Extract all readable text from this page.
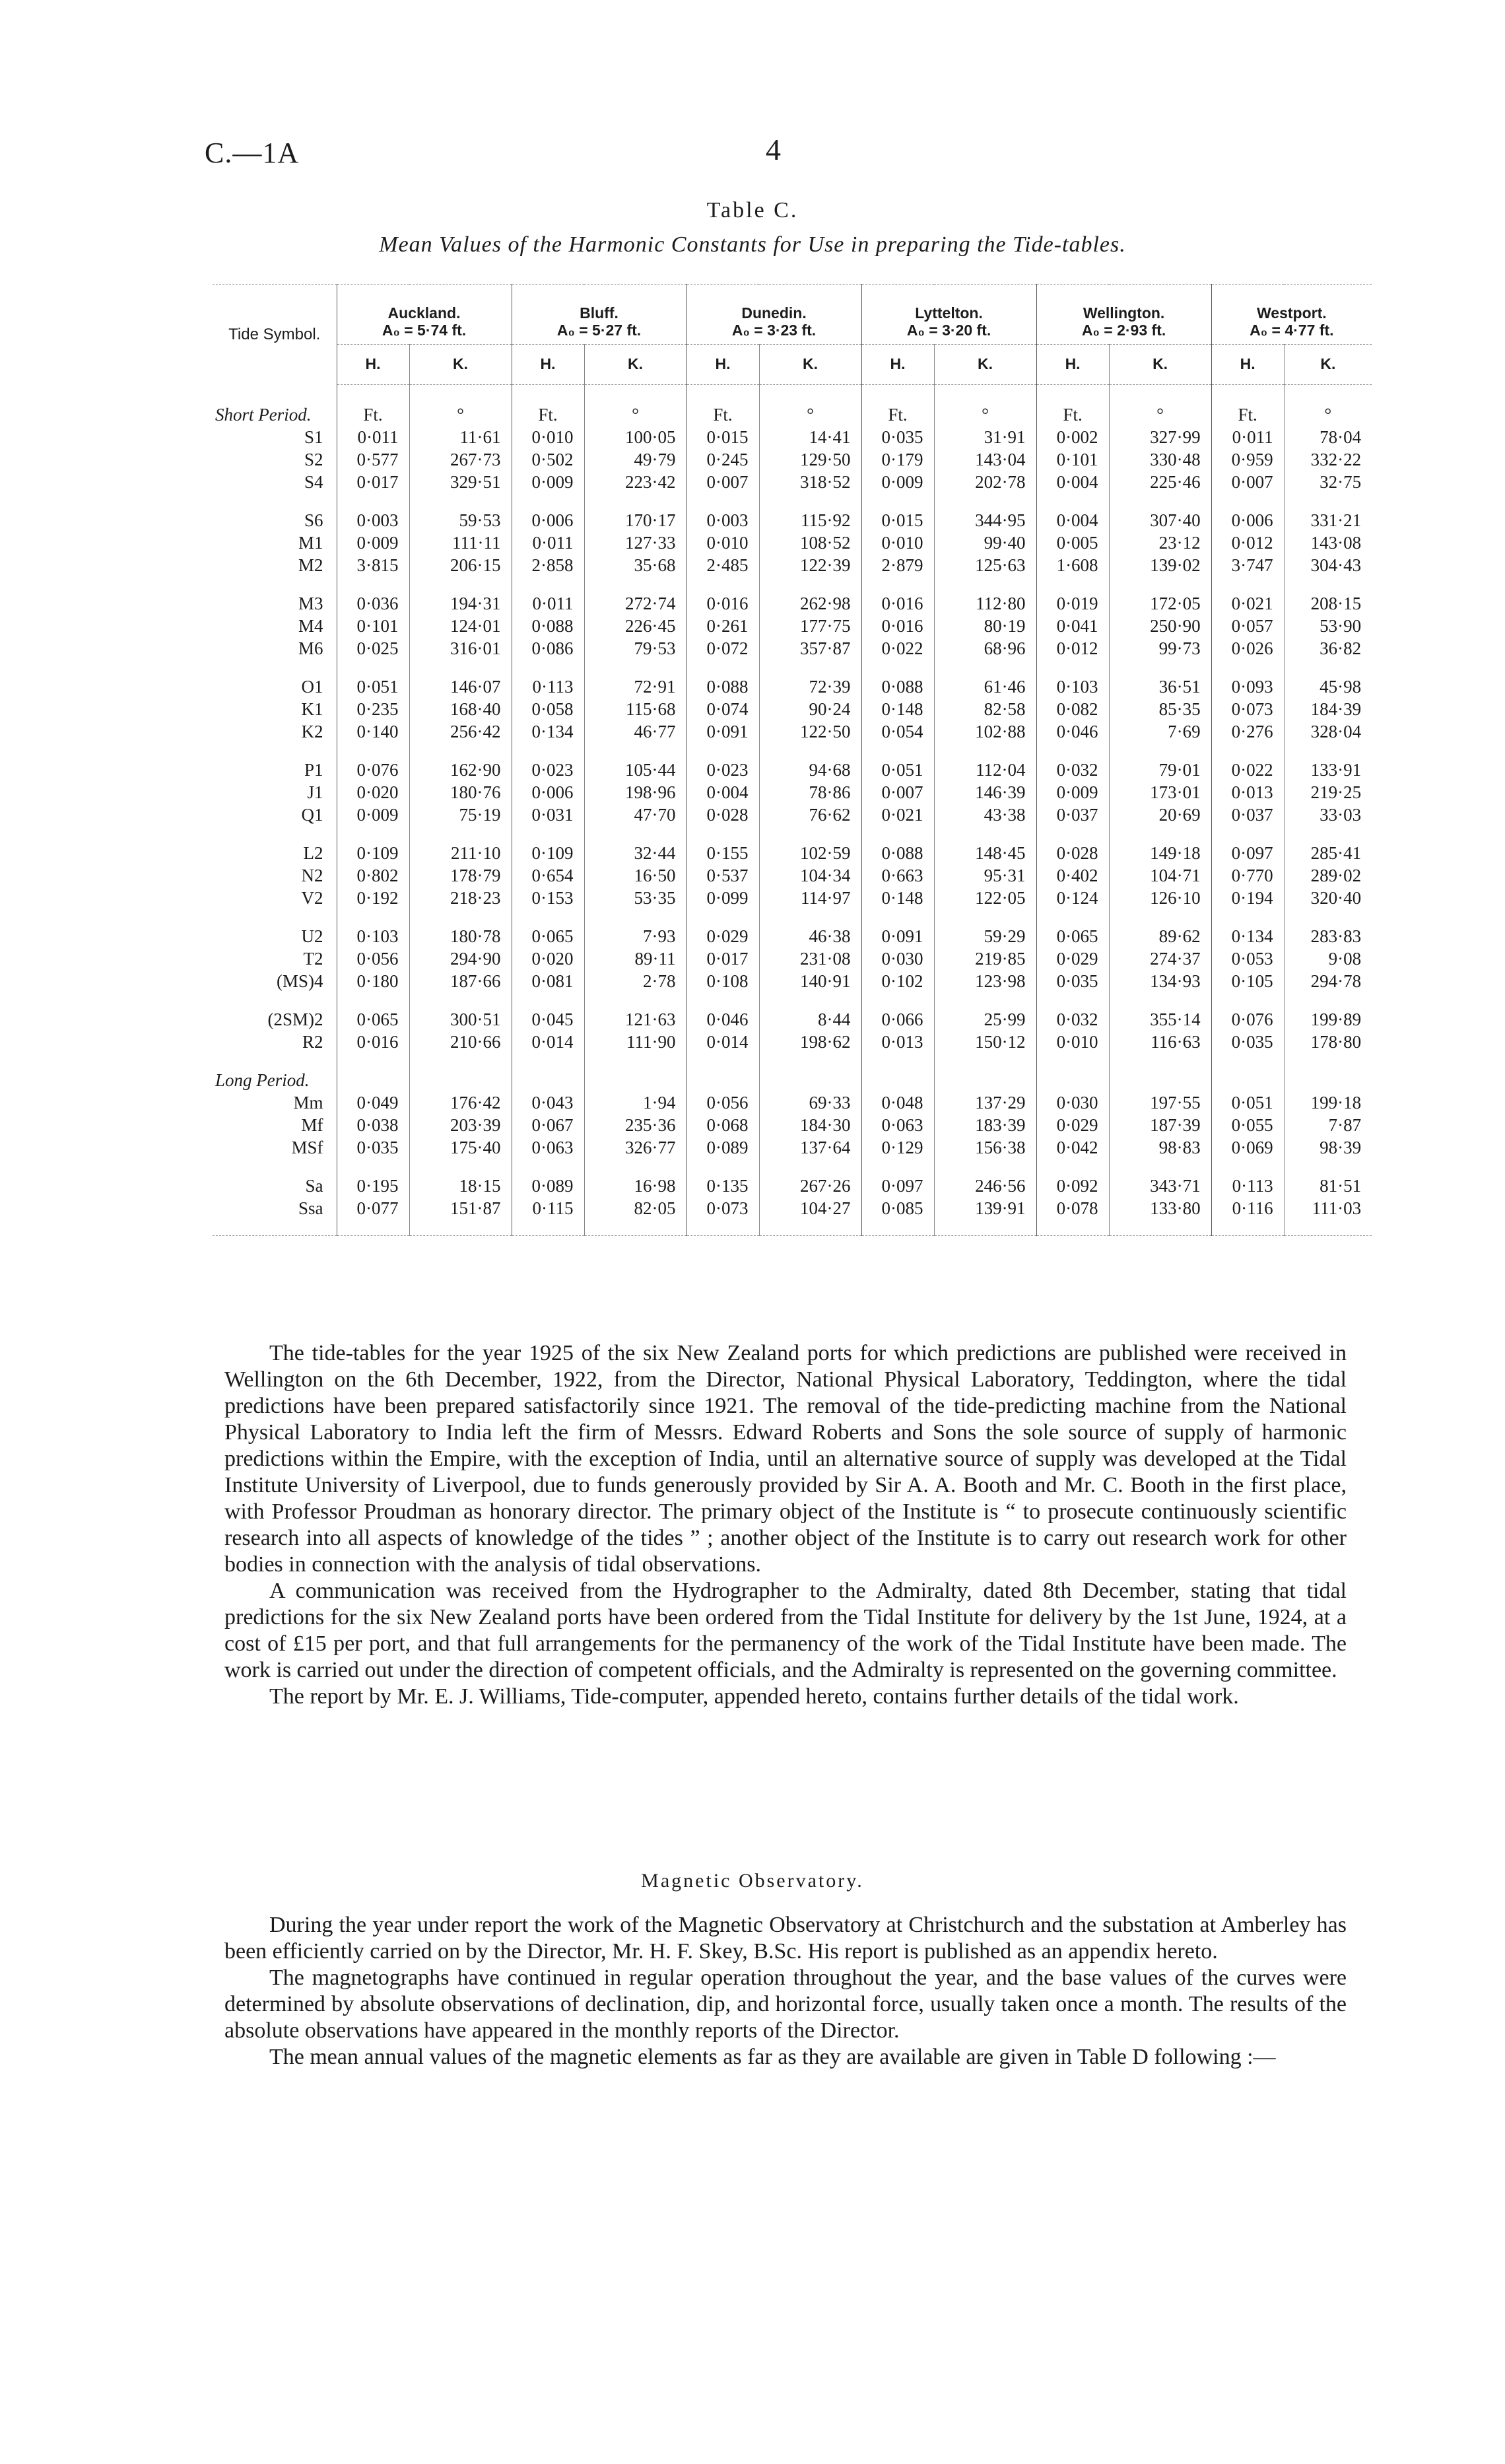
C.—1A	4
Table C.
Mean Values of the Harmonic Constants for Use in preparing the Tide-tables.
Tide Symbol.	Auckland.
A₀ = 5·74 ft.		Bluff.
A₀ = 5·27 ft.		Dunedin.
A₀ = 3·23 ft.		Lyttelton.
A₀ = 3·20 ft.		Wellington.
A₀ = 2·93 ft.		Westport.
A₀ = 4·77 ft.	

	H.	K.	H.	K.	H.	K.	H.	K.	H.	K.	H.	K.

Short Period.	Ft.	°	Ft.	°	Ft.	°	Ft.	°	Ft.	°	Ft.	°
S1	0·011	11·61	0·010	100·05	0·015	14·41	0·035	31·91	0·002	327·99	0·011	78·04
S2	0·577	267·73	0·502	49·79	0·245	129·50	0·179	143·04	0·101	330·48	0·959	332·22
S4	0·017	329·51	0·009	223·42	0·007	318·52	0·009	202·78	0·004	225·46	0·007	32·75

S6	0·003	59·53	0·006	170·17	0·003	115·92	0·015	344·95	0·004	307·40	0·006	331·21
M1	0·009	111·11	0·011	127·33	0·010	108·52	0·010	99·40	0·005	23·12	0·012	143·08
M2	3·815	206·15	2·858	35·68	2·485	122·39	2·879	125·63	1·608	139·02	3·747	304·43

M3	0·036	194·31	0·011	272·74	0·016	262·98	0·016	112·80	0·019	172·05	0·021	208·15
M4	0·101	124·01	0·088	226·45	0·261	177·75	0·016	80·19	0·041	250·90	0·057	53·90
M6	0·025	316·01	0·086	79·53	0·072	357·87	0·022	68·96	0·012	99·73	0·026	36·82

O1	0·051	146·07	0·113	72·91	0·088	72·39	0·088	61·46	0·103	36·51	0·093	45·98
K1	0·235	168·40	0·058	115·68	0·074	90·24	0·148	82·58	0·082	85·35	0·073	184·39
K2	0·140	256·42	0·134	46·77	0·091	122·50	0·054	102·88	0·046	7·69	0·276	328·04

P1	0·076	162·90	0·023	105·44	0·023	94·68	0·051	112·04	0·032	79·01	0·022	133·91
J1	0·020	180·76	0·006	198·96	0·004	78·86	0·007	146·39	0·009	173·01	0·013	219·25
Q1	0·009	75·19	0·031	47·70	0·028	76·62	0·021	43·38	0·037	20·69	0·037	33·03

L2	0·109	211·10	0·109	32·44	0·155	102·59	0·088	148·45	0·028	149·18	0·097	285·41
N2	0·802	178·79	0·654	16·50	0·537	104·34	0·663	95·31	0·402	104·71	0·770	289·02
V2	0·192	218·23	0·153	53·35	0·099	114·97	0·148	122·05	0·124	126·10	0·194	320·40

U2	0·103	180·78	0·065	7·93	0·029	46·38	0·091	59·29	0·065	89·62	0·134	283·83
T2	0·056	294·90	0·020	89·11	0·017	231·08	0·030	219·85	0·029	274·37	0·053	9·08
(MS)4	0·180	187·66	0·081	2·78	0·108	140·91	0·102	123·98	0·035	134·93	0·105	294·78

(2SM)2	0·065	300·51	0·045	121·63	0·046	8·44	0·066	25·99	0·032	355·14	0·076	199·89
R2	0·016	210·66	0·014	111·90	0·014	198·62	0·013	150·12	0·010	116·63	0·035	178·80

Long Period.												
Mm	0·049	176·42	0·043	1·94	0·056	69·33	0·048	137·29	0·030	197·55	0·051	199·18
Mf	0·038	203·39	0·067	235·36	0·068	184·30	0·063	183·39	0·029	187·39	0·055	7·87
MSf	0·035	175·40	0·063	326·77	0·089	137·64	0·129	156·38	0·042	98·83	0·069	98·39

Sa	0·195	18·15	0·089	16·98	0·135	267·26	0·097	246·56	0·092	343·71	0·113	81·51
Ssa	0·077	151·87	0·115	82·05	0·073	104·27	0·085	139·91	0·078	133·80	0·116	111·03

The tide-tables for the year 1925 of the six New Zealand ports for which predictions are published were received in Wellington on the 6th December, 1922, from the Director, National Physical Laboratory, Teddington, where the tidal predictions have been prepared satisfactorily since 1921. The removal of the tide-predicting machine from the National Physical Laboratory to India left the firm of Messrs. Edward Roberts and Sons the sole source of supply of harmonic predictions within the Empire, with the exception of India, until an alternative source of supply was developed at the Tidal Institute University of Liverpool, due to funds generously provided by Sir A. A. Booth and Mr. C. Booth in the first place, with Professor Proudman as honorary director. The primary object of the Institute is “ to prosecute continuously scientific research into all aspects of knowledge of the tides ” ; another object of the Institute is to carry out research work for other bodies in connection with the analysis of tidal observations.

A communication was received from the Hydrographer to the Admiralty, dated 8th December, stating that tidal predictions for the six New Zealand ports have been ordered from the Tidal Institute for delivery by the 1st June, 1924, at a cost of £15 per port, and that full arrangements for the permanency of the work of the Tidal Institute have been made. The work is carried out under the direction of competent officials, and the Admiralty is represented on the governing committee.

The report by Mr. E. J. Williams, Tide-computer, appended hereto, contains further details of the tidal work.

Magnetic Observatory.

During the year under report the work of the Magnetic Observatory at Christchurch and the substation at Amberley has been efficiently carried on by the Director, Mr. H. F. Skey, B.Sc. His report is published as an appendix hereto.

The magnetographs have continued in regular operation throughout the year, and the base values of the curves were determined by absolute observations of declination, dip, and horizontal force, usually taken once a month. The results of the absolute observations have appeared in the monthly reports of the Director.

The mean annual values of the magnetic elements as far as they are available are given in Table D following :—
